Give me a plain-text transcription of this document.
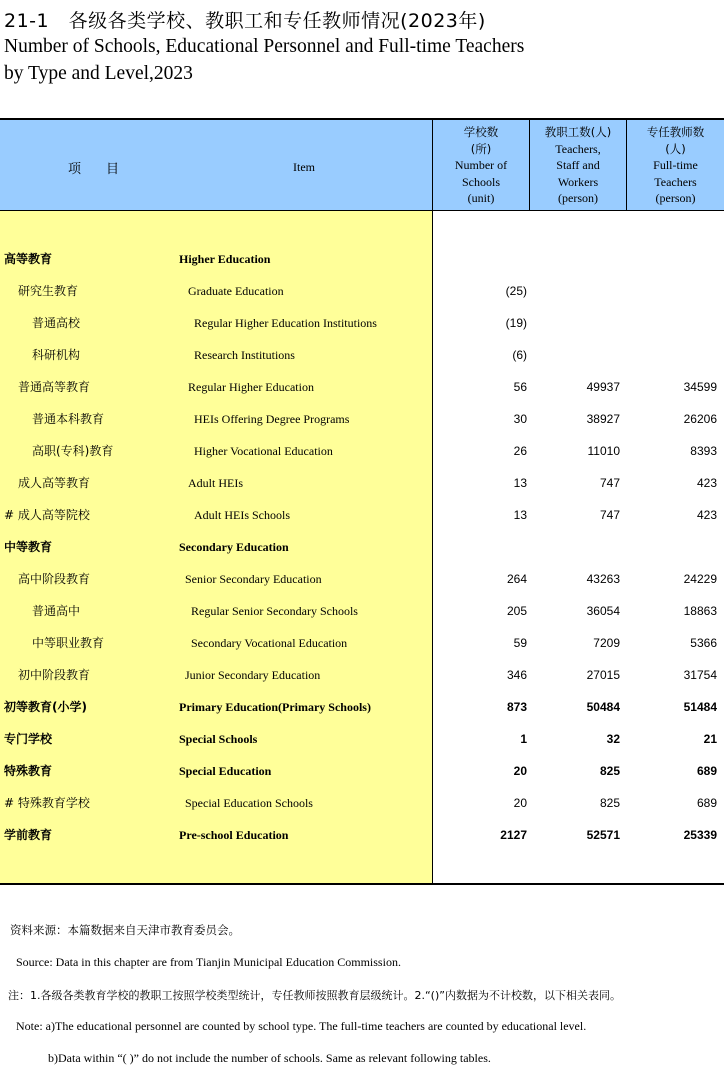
21-1　各级各类学校、教职工和专任教师情况(2023年)
Number of Schools, Educational Personnel and Full-time Teachers
by Type and Level,2023
项　目	Item
学校数
(所)
Number of
Schools
(unit)
教职工数(人)
Teachers,
Staff and
Workers
(person)
专任教师数
(人)
Full-time
Teachers
(person)
高等教育	Higher Education
研究生教育	Graduate Education	(25)
普通高校	Regular Higher Education Institutions	(19)
科研机构	Research Institutions	(6)
普通高等教育	Regular Higher Education	56	49937	34599
普通本科教育	HEIs Offering Degree Programs	30	38927	26206
高职(专科)教育	Higher Vocational Education	26	11010	8393
成人高等教育	Adult HEIs	13	747	423
# 成人高等院校	Adult HEIs Schools	13	747	423
中等教育	Secondary Education
高中阶段教育	Senior Secondary Education	264	43263	24229
普通高中	Regular Senior Secondary Schools	205	36054	18863
中等职业教育	Secondary Vocational Education	59	7209	5366
初中阶段教育	Junior Secondary Education	346	27015	31754
初等教育(小学)	Primary Education(Primary Schools)	873	50484	51484
专门学校	Special Schools	1	32	21
特殊教育	Special Education	20	825	689
# 特殊教育学校	Special Education Schools	20	825	689
学前教育	Pre-school Education	2127	52571	25339
资料来源：本篇数据来自天津市教育委员会。
Source: Data in this chapter are from Tianjin Municipal Education Commission.
注：1.各级各类教育学校的教职工按照学校类型统计，专任教师按照教育层级统计。2.“()”内数据为不计校数，以下相关表同。
Note: a)The educational personnel are counted by school type. The full-time teachers are counted by educational level.
b)Data within “( )” do not include the number of schools. Same as relevant following tables.
